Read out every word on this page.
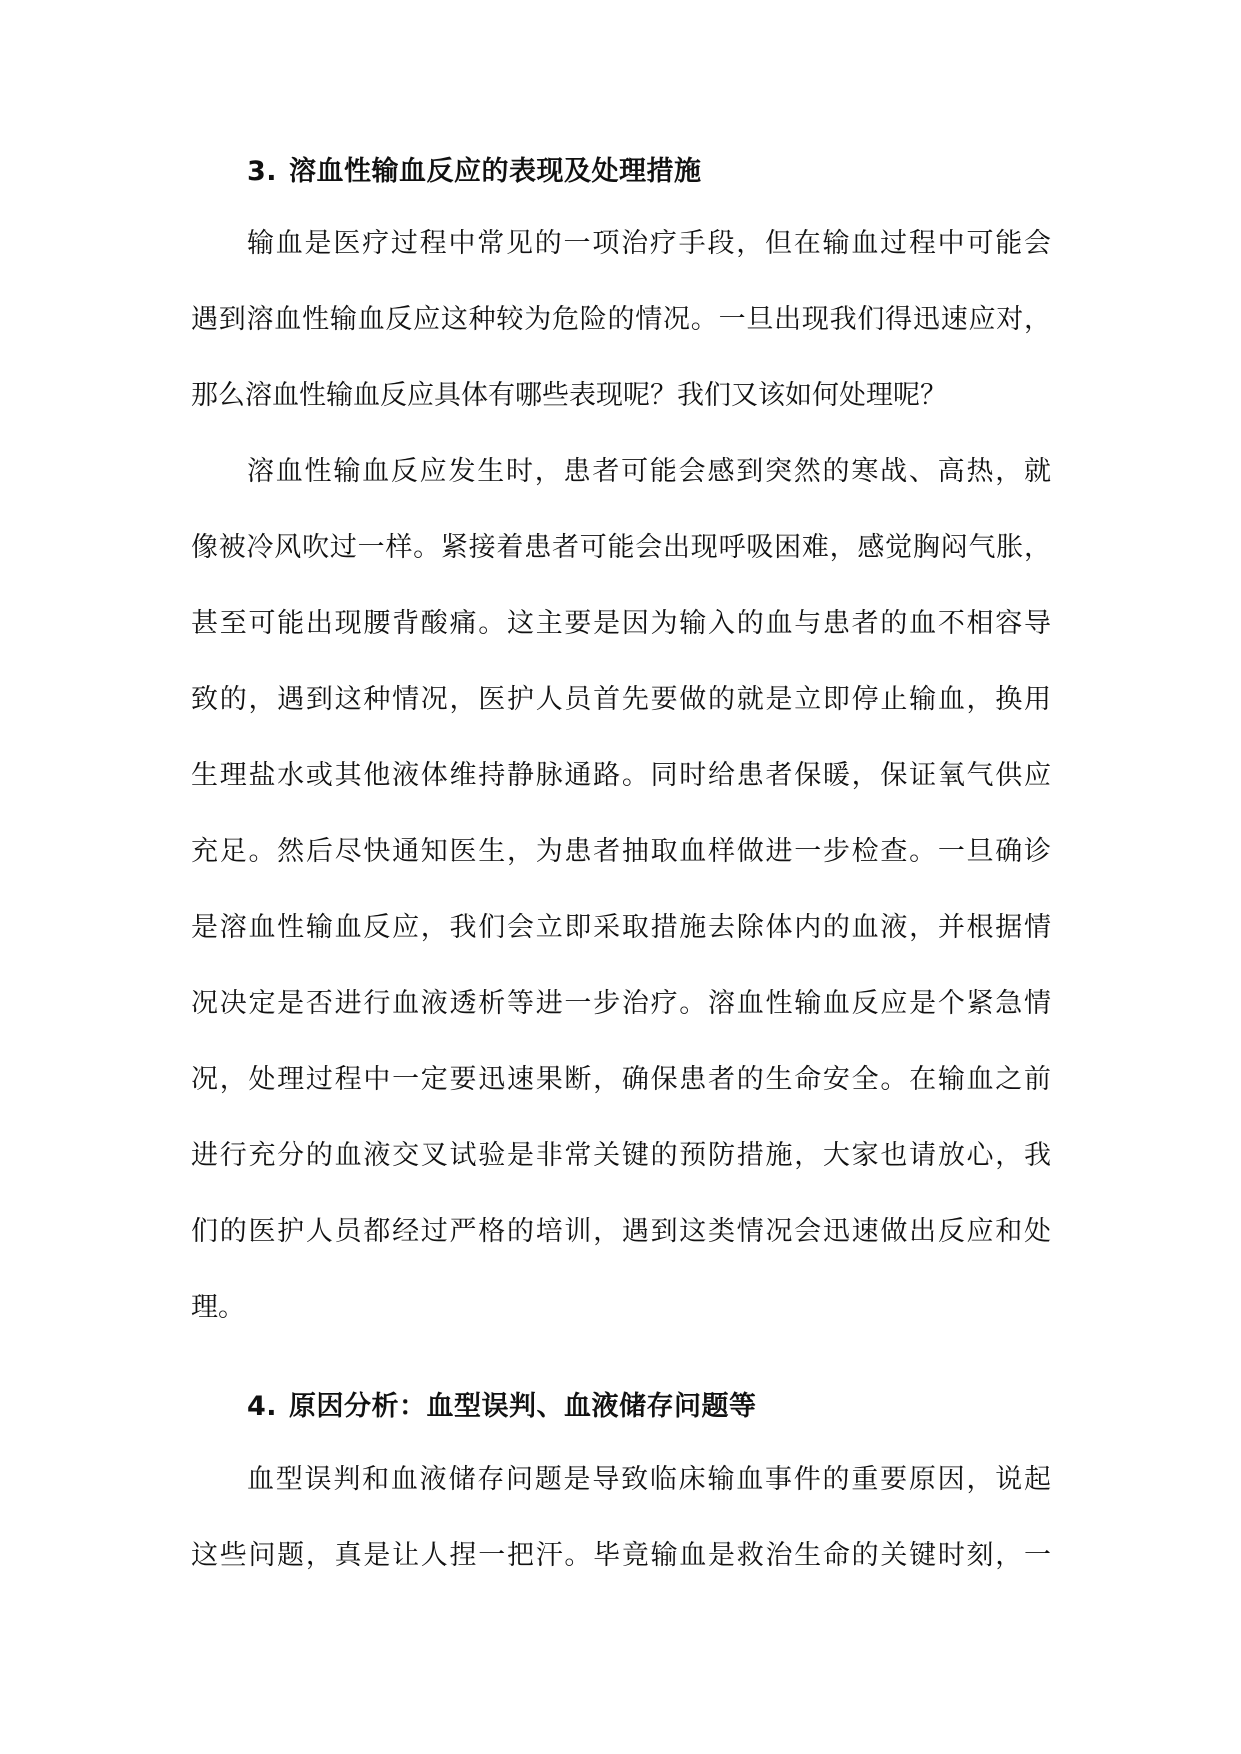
3. 溶血性输血反应的表现及处理措施
输血是医疗过程中常见的一项治疗手段，但在输血过程中可能会
遇到溶血性输血反应这种较为危险的情况。一旦出现我们得迅速应对，
那么溶血性输血反应具体有哪些表现呢？我们又该如何处理呢？
溶血性输血反应发生时，患者可能会感到突然的寒战、高热，就
像被冷风吹过一样。紧接着患者可能会出现呼吸困难，感觉胸闷气胀，
甚至可能出现腰背酸痛。这主要是因为输入的血与患者的血不相容导
致的，遇到这种情况，医护人员首先要做的就是立即停止输血，换用
生理盐水或其他液体维持静脉通路。同时给患者保暖，保证氧气供应
充足。然后尽快通知医生，为患者抽取血样做进一步检查。一旦确诊
是溶血性输血反应，我们会立即采取措施去除体内的血液，并根据情
况决定是否进行血液透析等进一步治疗。溶血性输血反应是个紧急情
况，处理过程中一定要迅速果断，确保患者的生命安全。在输血之前
进行充分的血液交叉试验是非常关键的预防措施，大家也请放心，我
们的医护人员都经过严格的培训，遇到这类情况会迅速做出反应和处
理。
4. 原因分析：血型误判、血液储存问题等
血型误判和血液储存问题是导致临床输血事件的重要原因，说起
这些问题，真是让人捏一把汗。毕竟输血是救治生命的关键时刻，一
